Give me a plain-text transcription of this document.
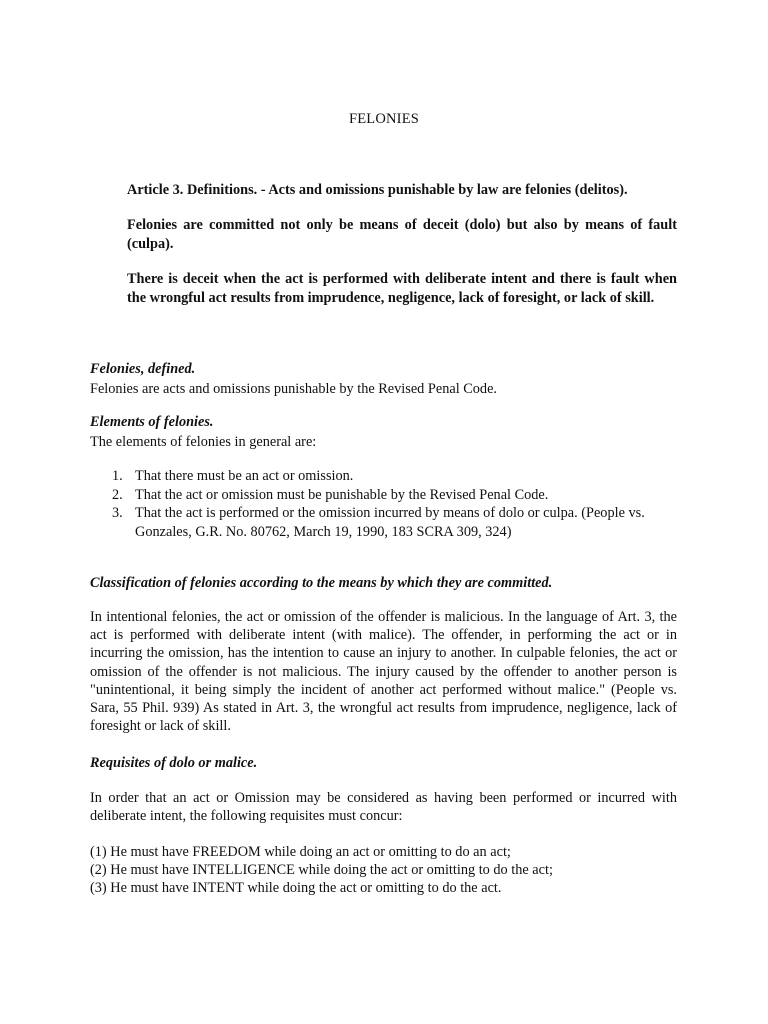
FELONIES
Article 3. Definitions. - Acts and omissions punishable by law are felonies (delitos).
Felonies are committed not only be means of deceit (dolo) but also by means of fault (culpa).
There is deceit when the act is performed with deliberate intent and there is fault when the wrongful act results from imprudence, negligence, lack of foresight, or lack of skill.
Felonies, defined.
Felonies are acts and omissions punishable by the Revised Penal Code.
Elements of felonies.
The elements of felonies in general are:
1. That there must be an act or omission.
2. That the act or omission must be punishable by the Revised Penal Code.
3. That the act is performed or the omission incurred by means of dolo or culpa. (People vs. Gonzales, G.R. No. 80762, March 19, 1990, 183 SCRA 309, 324)
Classification of felonies according to the means by which they are committed.
In intentional felonies, the act or omission of the offender is malicious. In the language of Art. 3, the act is performed with deliberate intent (with malice). The offender, in performing the act or in incurring the omission, has the intention to cause an injury to another. In culpable felonies, the act or omission of the offender is not malicious. The injury caused by the offender to another person is "unintentional, it being simply the incident of another act performed without malice." (People vs. Sara, 55 Phil. 939) As stated in Art. 3, the wrongful act results from imprudence, negligence, lack of foresight or lack of skill.
Requisites of dolo or malice.
In order that an act or Omission may be considered as having been performed or incurred with deliberate intent, the following requisites must concur:
(1) He must have FREEDOM while doing an act or omitting to do an act;
(2) He must have INTELLIGENCE while doing the act or omitting to do the act;
(3) He must have INTENT while doing the act or omitting to do the act.
